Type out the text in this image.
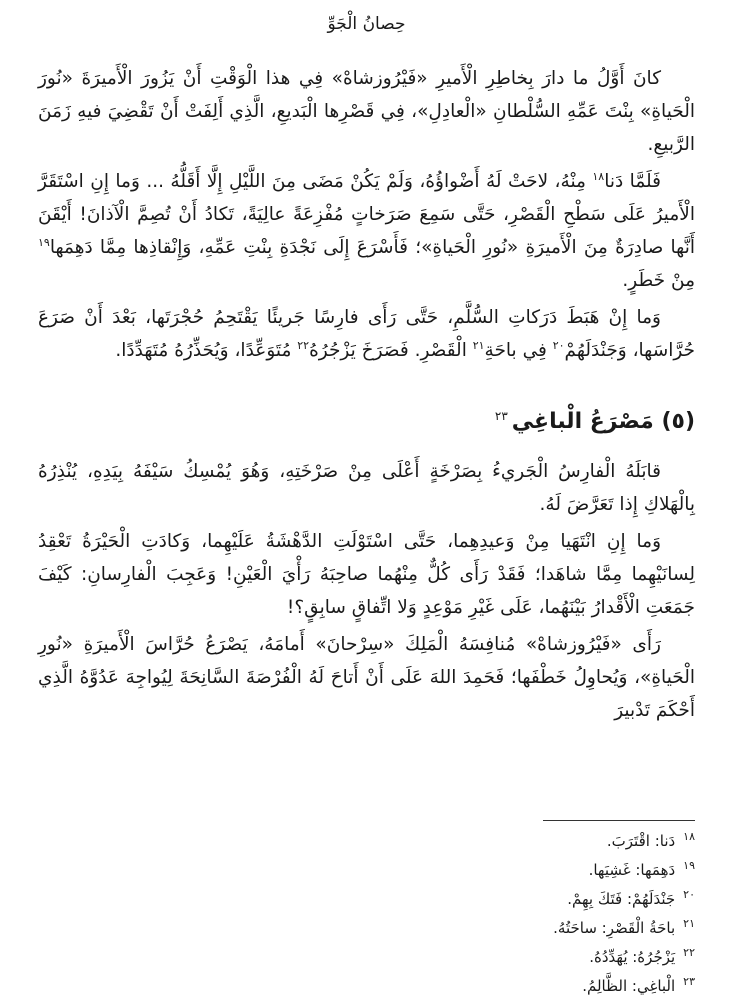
حِصانُ الْجَوِّ

كانَ أَوَّلُ ما دارَ بِخاطِرِ الْأَميرِ «فَيْرُوزشاهْ» فِي هذا الْوَقْتِ أَنْ يَزُورَ الْأَميرَةَ «نُورَ الْحَياةِ» بِنْتَ عَمِّهِ السُّلْطانِ «الْعادِلِ»، فِي قَصْرِها الْبَديعِ، الَّذِي أَلِفَتْ أَنْ تَقْضِيَ فيهِ زَمَنَ الرَّبيعِ.

فَلَمَّا دَنا$^{١٨}$ مِنْهُ، لاحَتْ لَهُ أَضْواؤُهُ، وَلَمْ يَكُنْ مَضَى مِنَ اللَّيْلِ إِلَّا أَقَلُّهُ ... وَما إِنِ اسْتَقَرَّ الْأَميرُ عَلَى سَطْحِ الْقَصْرِ، حَتَّى سَمِعَ صَرَخاتٍ مُفْزِعَةً عالِيَةً، تَكادُ أَنْ تُصِمَّ الْآذانَ! أَيْقَنَ أَنَّها صادِرَةٌ مِنَ الْأَميرَةِ «نُورِ الْحَياةِ»؛ فَأَسْرَعَ إِلَى نَجْدَةِ بِنْتِ عَمِّهِ، وَإِنْقاذِها مِمَّا دَهِمَها$^{١٩}$ مِنْ خَطَرٍ.

وَما إِنْ هَبَطَ دَرَكاتِ السُّلَّمِ، حَتَّى رَأَى فارِسًا جَريئًا يَقْتَحِمُ حُجْرَتَها، بَعْدَ أَنْ صَرَعَ حُرَّاسَها، وَجَنْدَلَهُمْ$^{٢٠}$ فِي باحَةِ$^{٢١}$ الْقَصْرِ. فَصَرَخَ يَزْجُرُهُ$^{٢٢}$ مُتَوَعِّدًا، وَيُحَذِّرُهُ مُتَهَدِّدًا.

(٥) مَصْرَعُ الْباغِي$^{٢٣}$

قابَلَهُ الْفارِسُ الْجَريءُ بِصَرْخَةٍ أَعْلَى مِنْ صَرْخَتِهِ، وَهُوَ يُمْسِكُ سَيْفَهُ بِيَدِهِ، يُنْذِرُهُ بِالْهَلاكِ إِذا تَعَرَّضَ لَهُ.

وَما إِنِ انْتَهَيا مِنْ وَعيدِهِما، حَتَّى اسْتَوْلَتِ الدَّهْشَةُ عَلَيْهِما، وَكادَتِ الْحَيْرَةُ تَعْقِدُ لِسانَيْهِما مِمَّا شاهَدا؛ فَقَدْ رَأَى كُلٌّ مِنْهُما صاحِبَهُ رَأْيَ الْعَيْنِ! وَعَجِبَ الْفارِسانِ: كَيْفَ جَمَعَتِ الْأَقْدارُ بَيْنَهُما، عَلَى غَيْرِ مَوْعِدٍ وَلا اتِّفاقٍ سابِقٍ؟!

رَأَى «فَيْرُوزشاهْ» مُنافِسَهُ الْمَلِكَ «سِرْحانَ» أَمامَهُ، يَصْرَعُ حُرَّاسَ الْأَميرَةِ «نُورِ الْحَياةِ»، وَيُحاوِلُ خَطْفَها؛ فَحَمِدَ اللهَ عَلَى أَنْ أَتاحَ لَهُ الْفُرْصَةَ السَّانِحَةَ لِيُواجِهَ عَدُوَّهُ الَّذِي أَحْكَمَ تَدْبيرَ

١٨دَنا: اقْتَرَبَ.

١٩دَهِمَها: غَشِيَها.

٢٠جَنْدَلَهُمْ: فَتَكَ بِهِمْ.

٢١باحَةُ الْقَصْرِ: ساحَتُهُ.

٢٢يَزْجُرُهُ: يُهَدِّدُهُ.

٢٣الْباغِي: الظَّالِمُ.
